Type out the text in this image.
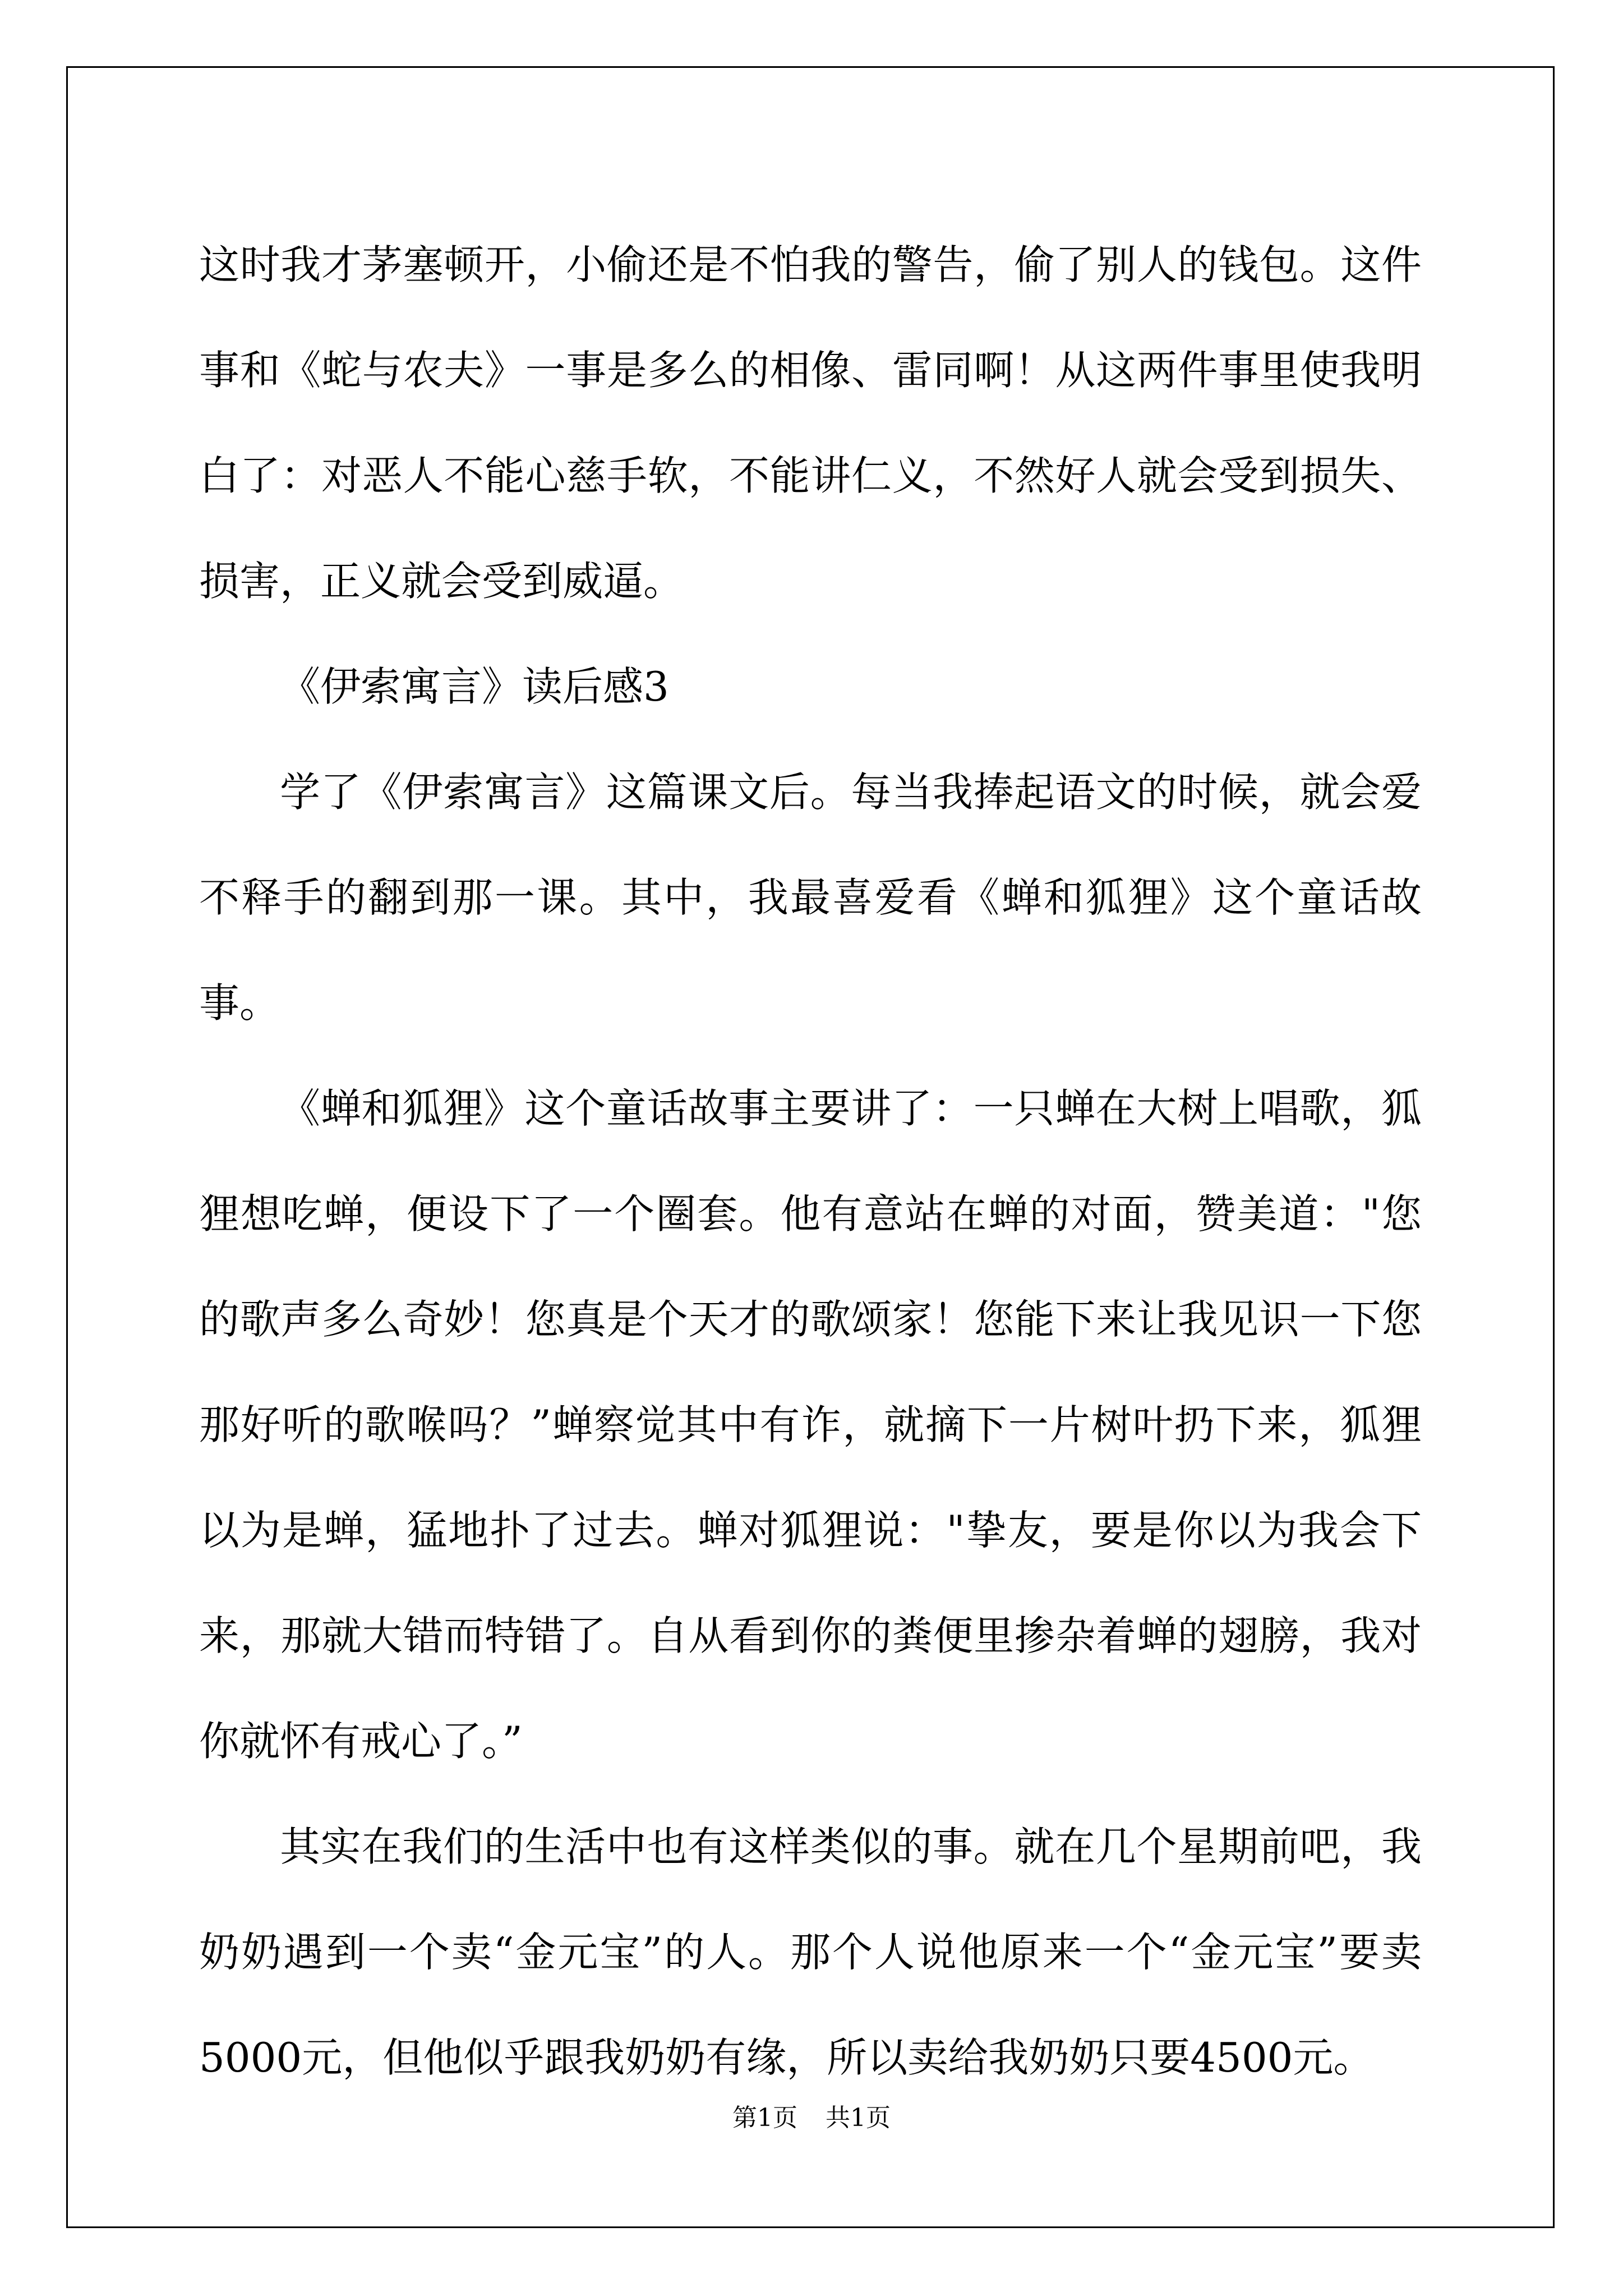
这时我才茅塞顿开，小偷还是不怕我的警告，偷了别人的钱包。这件事和《蛇与农夫》一事是多么的相像、雷同啊！从这两件事里使我明白了：对恶人不能心慈手软，不能讲仁义，不然好人就会受到损失、损害，正义就会受到威逼。

《伊索寓言》读后感3

学了《伊索寓言》这篇课文后。每当我捧起语文的时候，就会爱不释手的翻到那一课。其中，我最喜爱看《蝉和狐狸》这个童话故事。

《蝉和狐狸》这个童话故事主要讲了：一只蝉在大树上唱歌，狐狸想吃蝉，便设下了一个圈套。他有意站在蝉的对面，赞美道："您的歌声多么奇妙！您真是个天才的歌颂家！您能下来让我见识一下您那好听的歌喉吗？”蝉察觉其中有诈，就摘下一片树叶扔下来，狐狸以为是蝉，猛地扑了过去。蝉对狐狸说："挚友，要是你以为我会下来，那就大错而特错了。自从看到你的粪便里掺杂着蝉的翅膀，我对你就怀有戒心了。”

其实在我们的生活中也有这样类似的事。就在几个星期前吧，我奶奶遇到一个卖“金元宝”的人。那个人说他原来一个“金元宝”要卖5000元，但他似乎跟我奶奶有缘，所以卖给我奶奶只要4500元。

第1页 共1页
